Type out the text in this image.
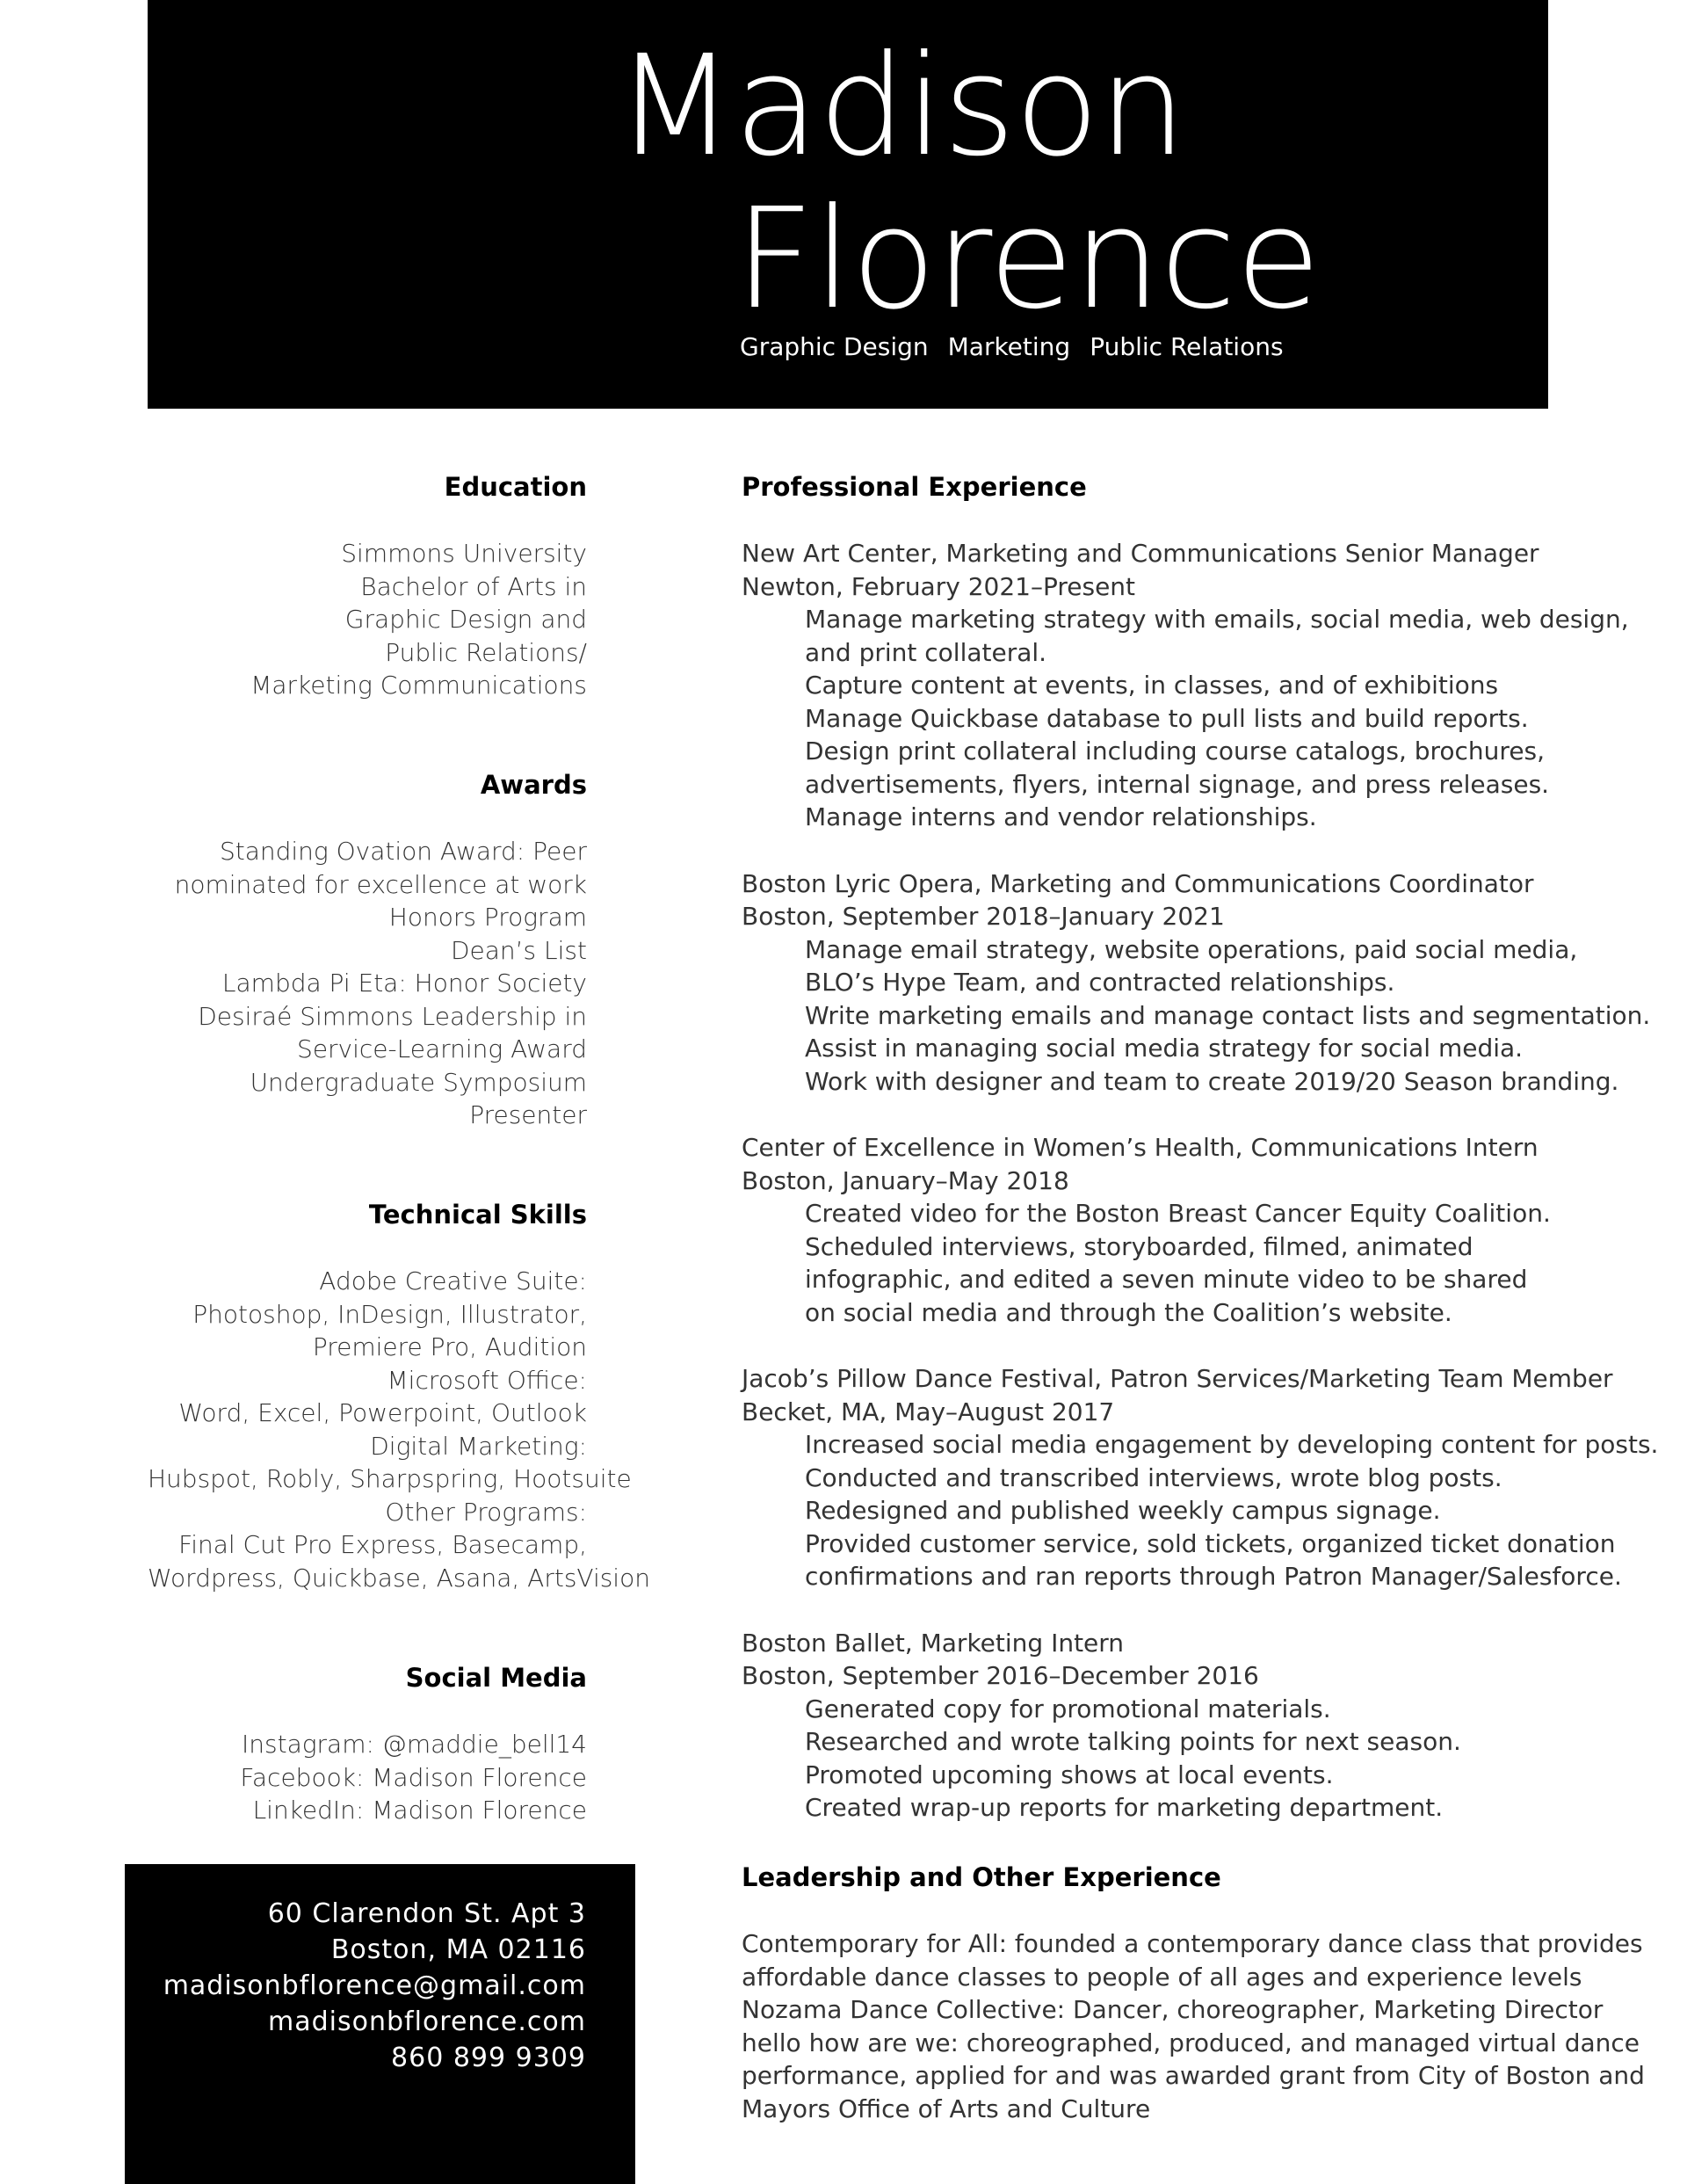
Madison
Florence
Graphic Design Marketing Public Relations
Education
Simmons University
Bachelor of Arts in
Graphic Design and
Public Relations/
Marketing Communications
Awards
Standing Ovation Award: Peer
nominated for excellence at work
Honors Program
Dean’s List
Lambda Pi Eta: Honor Society
Desiraé Simmons Leadership in
Service-Learning Award
Undergraduate Symposium
Presenter
Technical Skills
Adobe Creative Suite:
Photoshop, InDesign, Illustrator,
Premiere Pro, Audition
Microsoft Office:
Word, Excel, Powerpoint, Outlook
Digital Marketing:
Hubspot, Robly, Sharpspring, Hootsuite
Other Programs:
Final Cut Pro Express, Basecamp,
Wordpress, Quickbase, Asana, ArtsVision
Social Media
Instagram: @maddie_bell14
Facebook: Madison Florence
LinkedIn: Madison Florence
60 Clarendon St. Apt 3
Boston, MA 02116
madisonbflorence@gmail.com
madisonbflorence.com
860 899 9309
Professional Experience

New Art Center, Marketing and Communications Senior Manager

Newton, February 2021–Present

Manage marketing strategy with emails, social media, web design,
and print collateral.
Capture content at events, in classes, and of exhibitions
Manage Quickbase database to pull lists and build reports.
Design print collateral including course catalogs, brochures,
advertisements, flyers, internal signage, and press releases.
Manage interns and vendor relationships.

Boston Lyric Opera, Marketing and Communications Coordinator

Boston, September 2018–January 2021

Manage email strategy, website operations, paid social media,
BLO’s Hype Team, and contracted relationships.
Write marketing emails and manage contact lists and segmentation.
Assist in managing social media strategy for social media.
Work with designer and team to create 2019/20 Season branding.

Center of Excellence in Women’s Health, Communications Intern

Boston, January–May 2018

Created video for the Boston Breast Cancer Equity Coalition.
Scheduled interviews, storyboarded, filmed, animated
infographic, and edited a seven minute video to be shared
on social media and through the Coalition’s website.

Jacob’s Pillow Dance Festival, Patron Services/Marketing Team Member

Becket, MA, May–August 2017

Increased social media engagement by developing content for posts.
Conducted and transcribed interviews, wrote blog posts.
Redesigned and published weekly campus signage.
Provided customer service, sold tickets, organized ticket donation
confirmations and ran reports through Patron Manager/Salesforce.

Boston Ballet, Marketing Intern

Boston, September 2016–December 2016

Generated copy for promotional materials.
Researched and wrote talking points for next season.
Promoted upcoming shows at local events.
Created wrap-up reports for marketing department.
Leadership and Other Experience
Contemporary for All: founded a contemporary dance class that provides
affordable dance classes to people of all ages and experience levels
Nozama Dance Collective: Dancer, choreographer, Marketing Director
hello how are we: choreographed, produced, and managed virtual dance
performance, applied for and was awarded grant from City of Boston and
Mayors Office of Arts and Culture
